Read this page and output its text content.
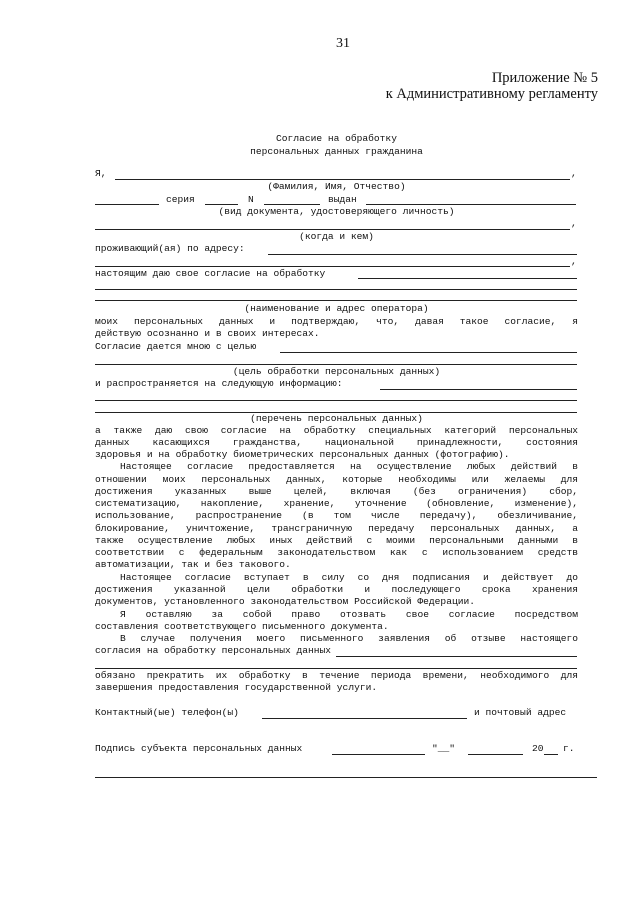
31
Приложение № 5
к Административному регламенту
Согласие на обработку
персональных данных гражданина
Я,	,
(Фамилия, Имя, Отчество)
серия	N	выдан
(вид документа, удостоверяющего личность)
,
(когда и кем)
проживающий(ая) по адресу:
,
настоящим даю свое согласие на обработку
(наименование и адрес оператора)
моих персональных данных и подтверждаю, что, давая такое согласие, я
действую осознанно и в своих интересах.
Согласие дается мною с целью
(цель обработки персональных данных)
и распространяется на следующую информацию:
(перечень персональных данных)
а также даю свою согласие на обработку специальных категорий персональных
данных касающихся гражданства, национальной принадлежности, состояния
здоровья и на обработку биометрических персональных данных (фотографию).
Настоящее согласие предоставляется на осуществление любых действий в
отношении моих персональных данных, которые необходимы или желаемы для
достижения указанных выше целей, включая (без ограничения) сбор,
систематизацию, накопление, хранение, уточнение (обновление, изменение),
использование, распространение (в том числе передачу), обезличивание,
блокирование, уничтожение, трансграничную передачу персональных данных, а
также осуществление любых иных действий с моими персональными данными в
соответствии с федеральным законодательством как с использованием средств
автоматизации, так и без такового.
Настоящее согласие вступает в силу со дня подписания и действует до
достижения указанной цели обработки и последующего срока хранения
документов, установленного законодательством Российской Федерации.
Я оставляю за собой право отозвать свое согласие посредством
составления соответствующего письменного документа.
В случае получения моего письменного заявления об отзыве настоящего
согласия на обработку персональных данных
обязано прекратить их обработку в течение периода времени, необходимого для
завершения предоставления государственной услуги.
Контактный(ые) телефон(ы)	и почтовый адрес
Подпись субъекта персональных данных	"__"	20 г.
